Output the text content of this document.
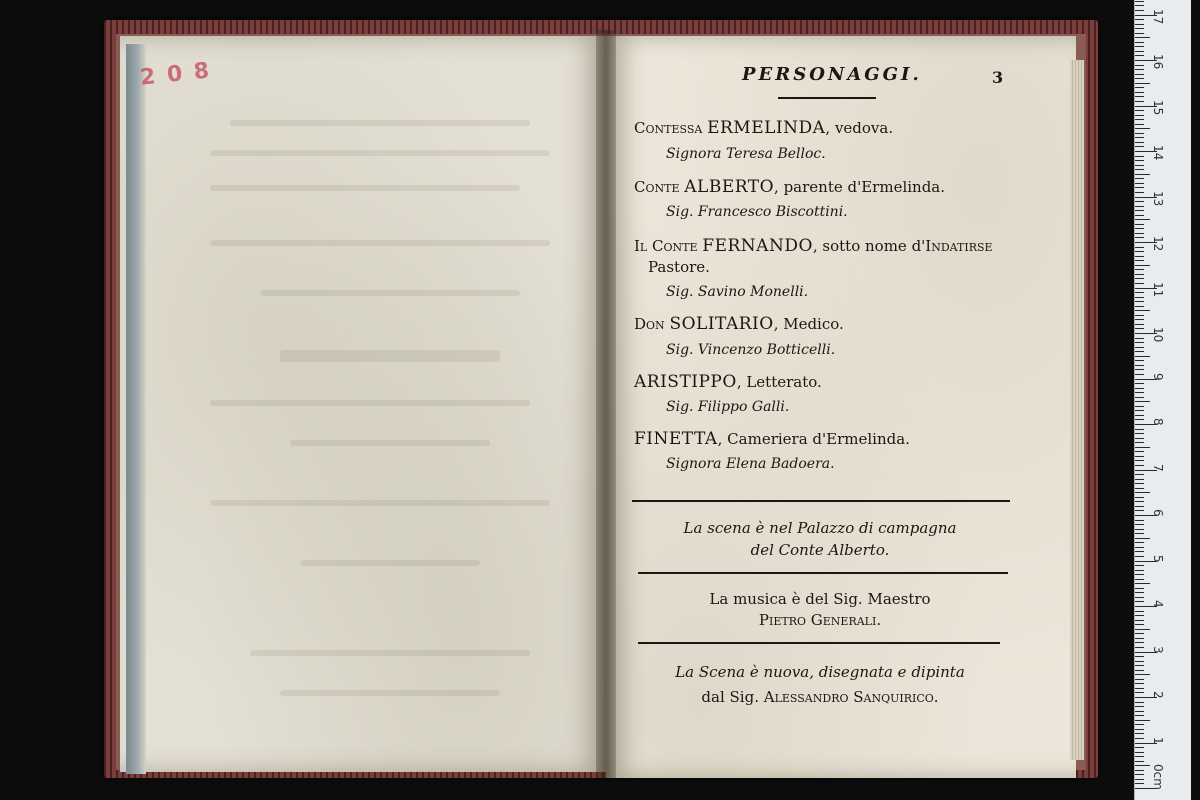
2 0 8	PERSONAGGI.	3
Contessa ERMELINDA, vedova.
Signora Teresa Belloc.
Conte ALBERTO, parente d'Ermelinda.
Sig. Francesco Biscottini.
Il Conte FERNANDO, sotto nome d'Indatirse
Pastore.
Sig. Savino Monelli.
Don SOLITARIO, Medico.
Sig. Vincenzo Botticelli.
ARISTIPPO, Letterato.
Sig. Filippo Galli.
FINETTA, Cameriera d'Ermelinda.
Signora Elena Badoera.
La scena è nel Palazzo di campagna
del Conte Alberto.
La musica è del Sig. Maestro
Pietro Generali.
La Scena è nuova, disegnata e dipinta
dal Sig. Alessandro Sanquirico.
0cm
1
2
3
4
5
6
7
8
9
10
11
12
13
14
15
16
17
